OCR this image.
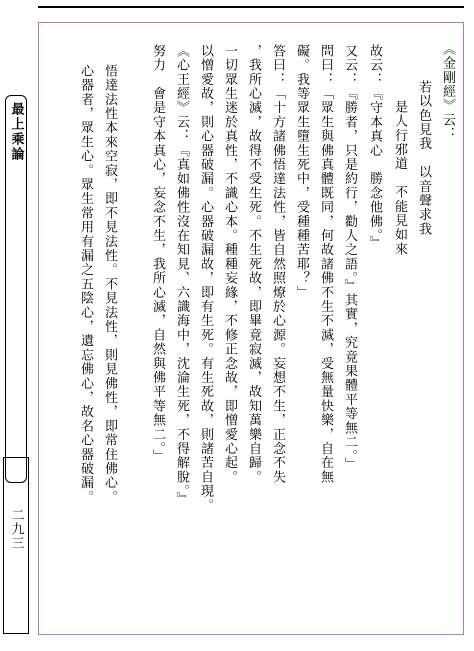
最上乘論
二九三
《金剛經》云：
若以色見我　以音聲求我
是人行邪道　不能見如來
故云：『守本真心　勝念他佛。』
又云：『勝者，只是約行，勸人之語。』其實，究竟果體平等無二。」
問曰：「眾生與佛真體既同，何故諸佛不生不滅，受無量快樂，自在無
礙。我等眾生墮生死中，受種種苦耶？」
答曰：「十方諸佛悟達法性，皆自然照燎於心源。妄想不生，正念不失
，我所心滅，故得不受生死。不生死故，即畢竟寂滅，故知萬樂自歸。
一切眾生迷於真性，不識心本。種種妄緣，不修正念故，即憎愛心起。
以憎愛故，則心器破漏。心器破漏故，即有生死。有生死故，則諸苦自現。
《心王經》云：『真如佛性沒在知見、六識海中，沈淪生死，不得解脫。』
努力　會是守本真心，妄念不生，我所心滅，自然與佛平等無二。」
悟達法性本來空寂，即不見法性。不見法性，則見佛性，即常住佛心。
心器者，眾生心。眾生常用有漏之五陰心，遺忘佛心，故名心器破漏。
